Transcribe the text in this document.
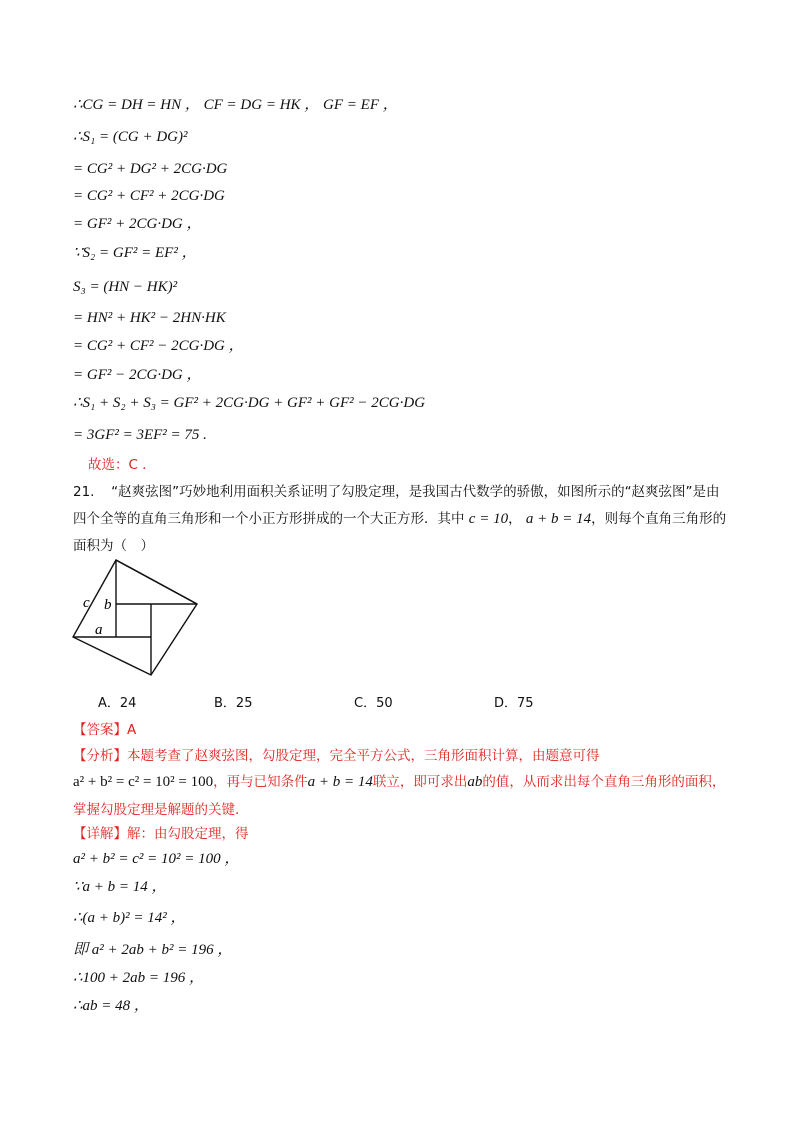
∴CG = DH = HN ， CF = DG = HK ， GF = EF ，
∴S₁ = (CG + DG)²
= CG² + DG² + 2CG·DG
= CG² + CF² + 2CG·DG
= GF² + 2CG·DG ，
∵S₂ = GF² = EF² ，
S₃ = (HN − HK)²
= HN² + HK² − 2HN·HK
= CG² + CF² − 2CG·DG ，
= GF² − 2CG·DG ，
∴S₁ + S₂ + S₃ = GF² + 2CG·DG + GF² + GF² − 2CG·DG
= 3GF² = 3EF² = 75 .
故选：C ．
21. “赵爽弦图”巧妙地利用面积关系证明了勾股定理，是我国古代数学的骄傲，如图所示的“赵爽弦图”是由四个全等的直角三角形和一个小正方形拼成的一个大正方形．其中 c = 10， a + b = 14，则每个直角三角形的面积为（　）
c b
a
A．24	B．25	C．50	D．75
【答案】A
【分析】本题考查了赵爽弦图，勾股定理，完全平方公式，三角形面积计算，由题意可得
a² + b² = c² = 10² = 100，再与已知条件a + b = 14联立，即可求出ab的值，从而求出每个直角三角形的面积，
掌握勾股定理是解题的关键.
【详解】解：由勾股定理，得
a² + b² = c² = 10² = 100 ，
∵a + b = 14 ，
∴(a + b)² = 14² ，
即 a² + 2ab + b² = 196 ，
∴100 + 2ab = 196 ，
∴ab = 48 ，
